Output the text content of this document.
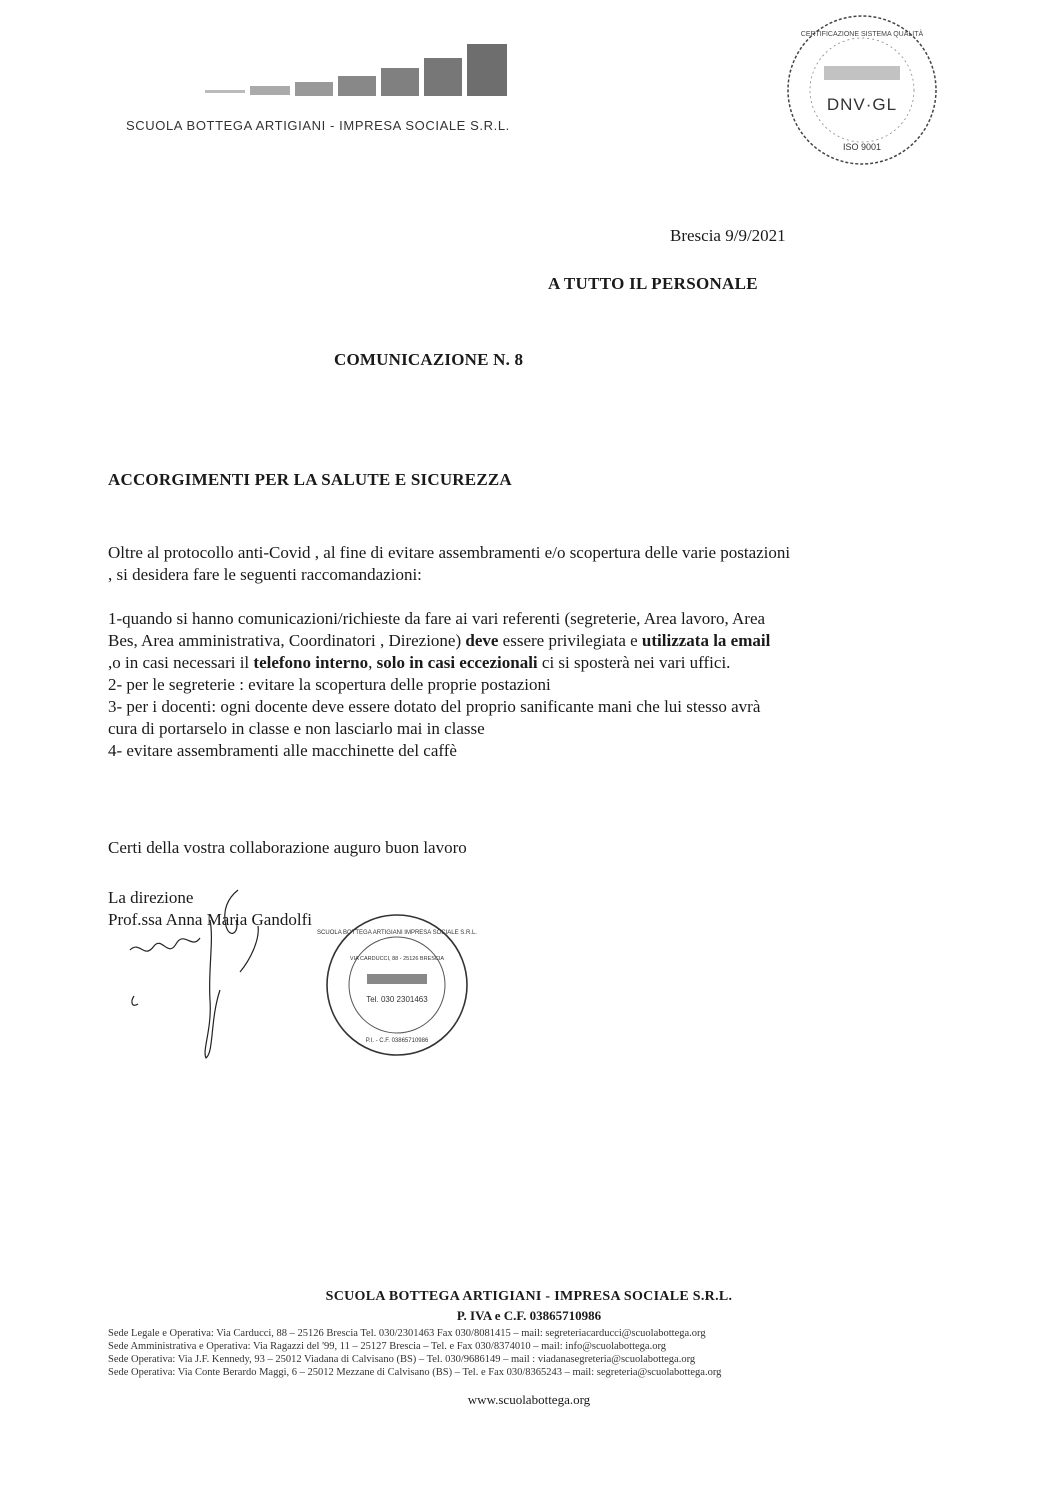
SCUOLA BOTTEGA ARTIGIANI - IMPRESA SOCIALE S.R.L.
DNV·GL
ISO 9001
CERTIFICAZIONE SISTEMA QUALITÀ
Brescia 9/9/2021
A TUTTO IL PERSONALE
COMUNICAZIONE N. 8
ACCORGIMENTI PER LA SALUTE E SICUREZZA

Oltre al protocollo anti-Covid , al fine di evitare assembramenti e/o scopertura delle varie postazioni

, si desidera fare le seguenti raccomandazioni:

1-quando si hanno comunicazioni/richieste da fare ai vari referenti (segreterie, Area lavoro, Area

Bes, Area amministrativa, Coordinatori , Direzione) deve essere privilegiata e utilizzata la email

,o in casi necessari il telefono interno, solo in casi eccezionali ci si sposterà nei vari uffici.

2- per le segreterie : evitare la scopertura delle proprie postazioni

3- per i docenti: ogni docente deve essere dotato del proprio sanificante mani che lui stesso avrà

cura di portarselo in classe e non lasciarlo mai in classe

4- evitare assembramenti alle macchinette del caffè

Certi della vostra collaborazione auguro buon lavoro
La direzione
Prof.ssa Anna Maria Gandolfi
SCUOLA BOTTEGA ARTIGIANI IMPRESA SOCIALE S.R.L.
VIA CARDUCCI, 88 - 25126 BRESCIA
Tel. 030 2301463
P.I. - C.F. 03865710986
SCUOLA BOTTEGA ARTIGIANI - IMPRESA SOCIALE S.R.L.
P. IVA e C.F. 03865710986
Sede Legale e Operativa: Via Carducci, 88 – 25126 Brescia Tel. 030/2301463 Fax 030/8081415 – mail: segreteriacarducci@scuolabottega.org
Sede Amministrativa e Operativa: Via Ragazzi del '99, 11 – 25127 Brescia – Tel. e Fax 030/8374010 – mail: info@scuolabottega.org
Sede Operativa: Via J.F. Kennedy, 93 – 25012 Viadana di Calvisano (BS) – Tel. 030/9686149 – mail : viadanasegreteria@scuolabottega.org
Sede Operativa: Via Conte Berardo Maggi, 6 – 25012 Mezzane di Calvisano (BS) – Tel. e Fax 030/8365243 – mail: segreteria@scuolabottega.org
www.scuolabottega.org
